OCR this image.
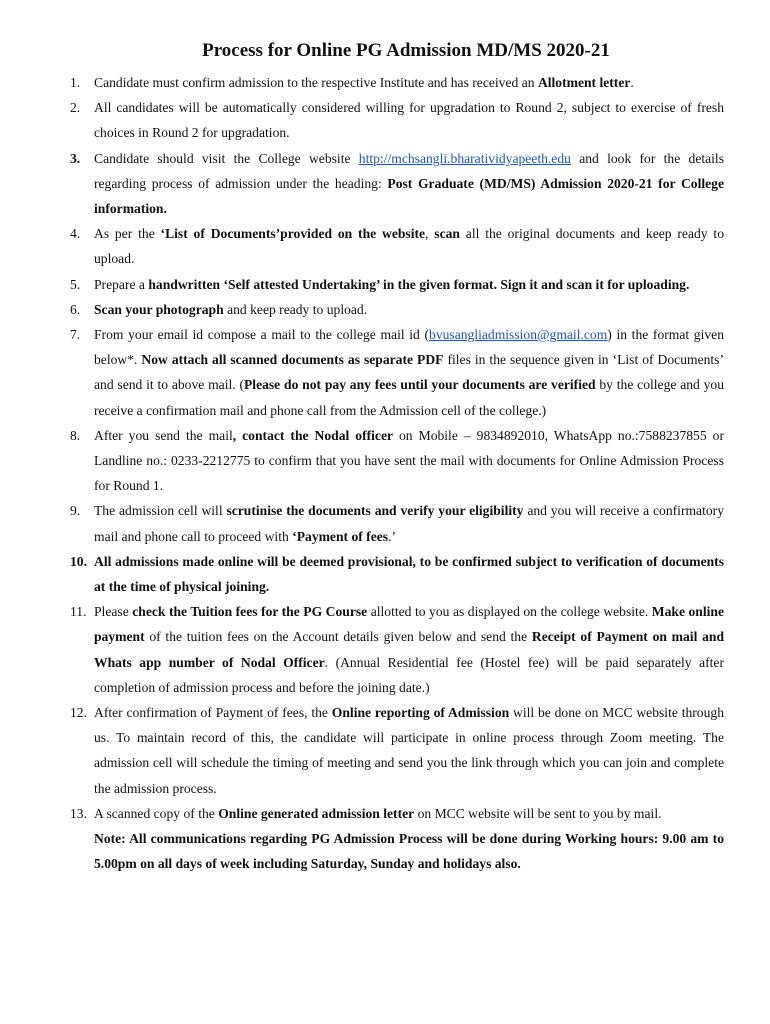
Process for Online PG Admission MD/MS 2020-21
1. Candidate must confirm admission to the respective Institute and has received an Allotment letter.
2. All candidates will be automatically considered willing for upgradation to Round 2, subject to exercise of fresh choices in Round 2 for upgradation.
3. Candidate should visit the College website http://mchsangli.bharatividyapeeth.edu and look for the details regarding process of admission under the heading: Post Graduate (MD/MS) Admission 2020-21 for College information.
4. As per the ‘List of Documents’provided on the website, scan all the original documents and keep ready to upload.
5. Prepare a handwritten ‘Self attested Undertaking’ in the given format. Sign it and scan it for uploading.
6. Scan your photograph and keep ready to upload.
7. From your email id compose a mail to the college mail id (bvusangliadmission@gmail.com) in the format given below*. Now attach all scanned documents as separate PDF files in the sequence given in ‘List of Documents’ and send it to above mail. (Please do not pay any fees until your documents are verified by the college and you receive a confirmation mail and phone call from the Admission cell of the college.)
8. After you send the mail, contact the Nodal officer on Mobile – 9834892010, WhatsApp no.:7588237855 or Landline no.: 0233-2212775 to confirm that you have sent the mail with documents for Online Admission Process for Round 1.
9. The admission cell will scrutinise the documents and verify your eligibility and you will receive a confirmatory mail and phone call to proceed with ‘Payment of fees.’
10. All admissions made online will be deemed provisional, to be confirmed subject to verification of documents at the time of physical joining.
11. Please check the Tuition fees for the PG Course allotted to you as displayed on the college website. Make online payment of the tuition fees on the Account details given below and send the Receipt of Payment on mail and Whats app number of Nodal Officer. (Annual Residential fee (Hostel fee) will be paid separately after completion of admission process and before the joining date.)
12. After confirmation of Payment of fees, the Online reporting of Admission will be done on MCC website through us. To maintain record of this, the candidate will participate in online process through Zoom meeting. The admission cell will schedule the timing of meeting and send you the link through which you can join and complete the admission process.
13. A scanned copy of the Online generated admission letter on MCC website will be sent to you by mail.
Note: All communications regarding PG Admission Process will be done during Working hours: 9.00 am to 5.00pm on all days of week including Saturday, Sunday and holidays also.
